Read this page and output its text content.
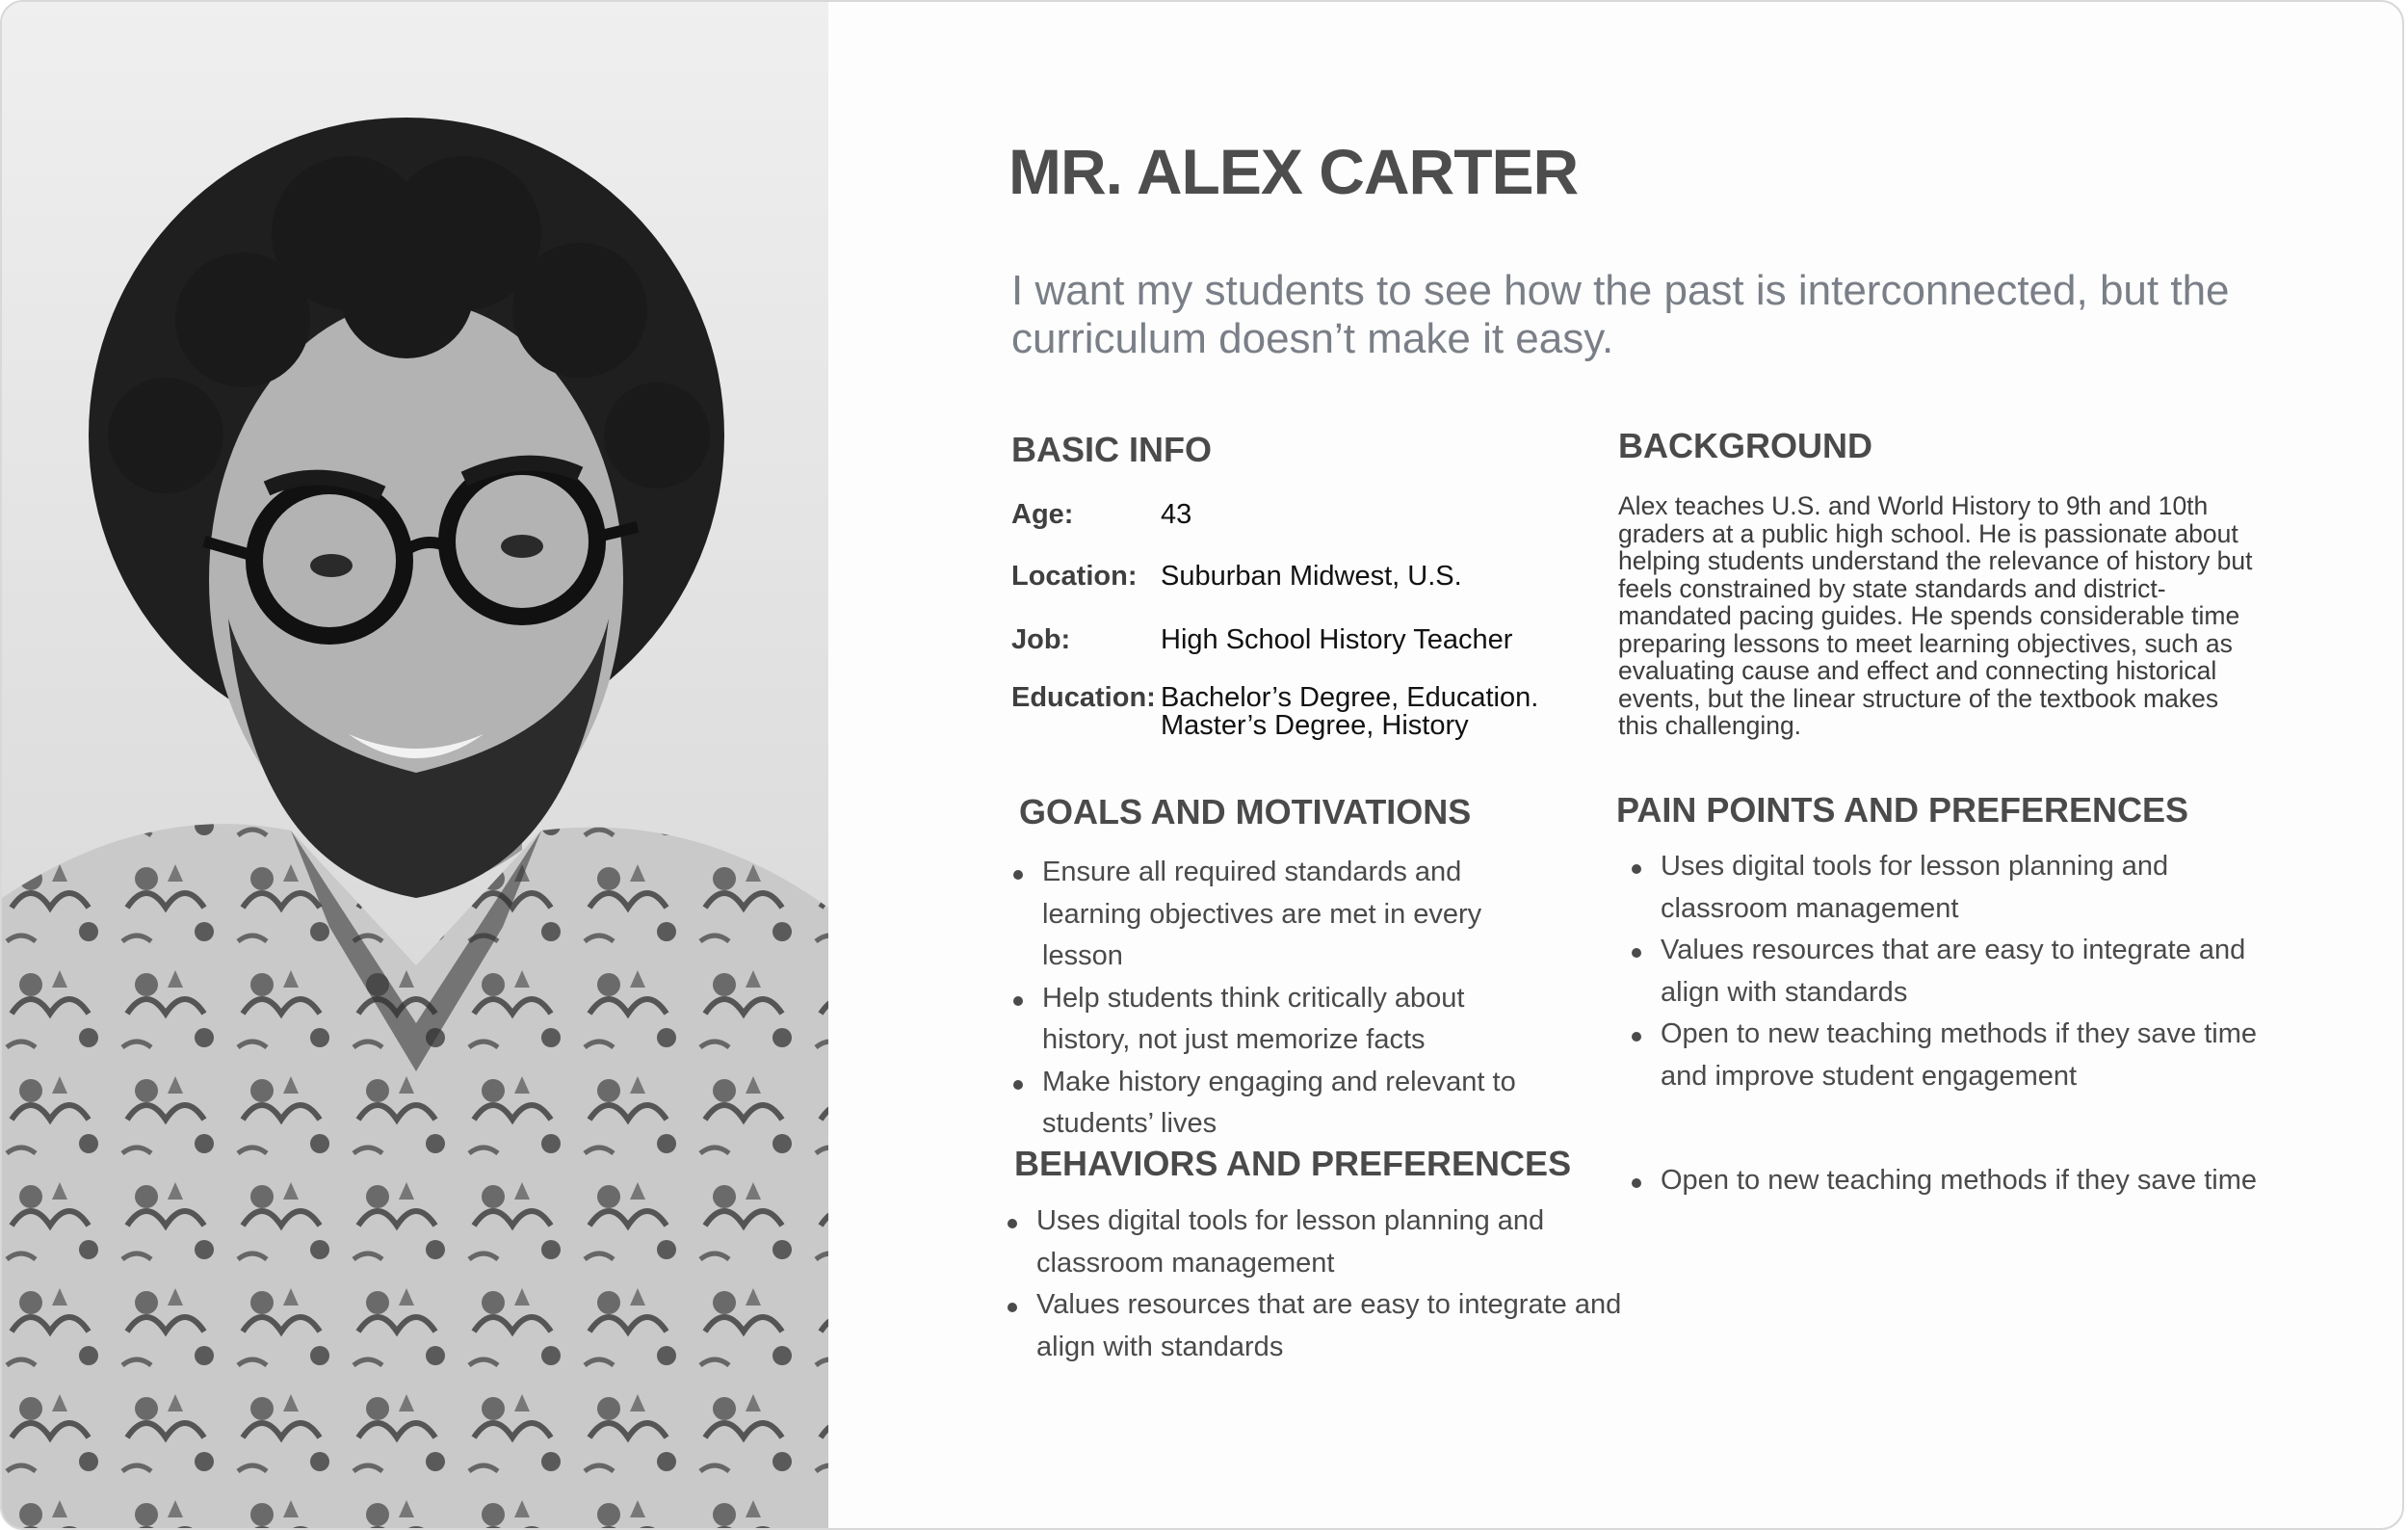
MR. ALEX CARTER

I want my students to see how the past is interconnected, but the curriculum doesn’t make it easy.

BASIC INFO
Age:	43
Location: Suburban Midwest, U.S.
Job:	High School History Teacher
Education: Bachelor’s Degree, Education. Master’s Degree, History
BACKGROUND

Alex teaches U.S. and World History to 9th and 10th graders at a public high school. He is passionate about helping students understand the relevance of history but feels constrained by state standards and district-mandated pacing guides. He spends considerable time preparing lessons to meet learning objectives, such as evaluating cause and effect and connecting historical events, but the linear structure of the textbook makes this challenging.

GOALS AND MOTIVATIONS
Ensure all required standards and learning objectives are met in every lesson
Help students think critically about history, not just memorize facts
Make history engaging and relevant to students’ lives
PAIN POINTS AND PREFERENCES
Uses digital tools for lesson planning and classroom management
Values resources that are easy to integrate and align with standards
Open to new teaching methods if they save time and improve student engagement
BEHAVIORS AND PREFERENCES
Uses digital tools for lesson planning and classroom management
Values resources that are easy to integrate and align with standards
Open to new teaching methods if they save time
